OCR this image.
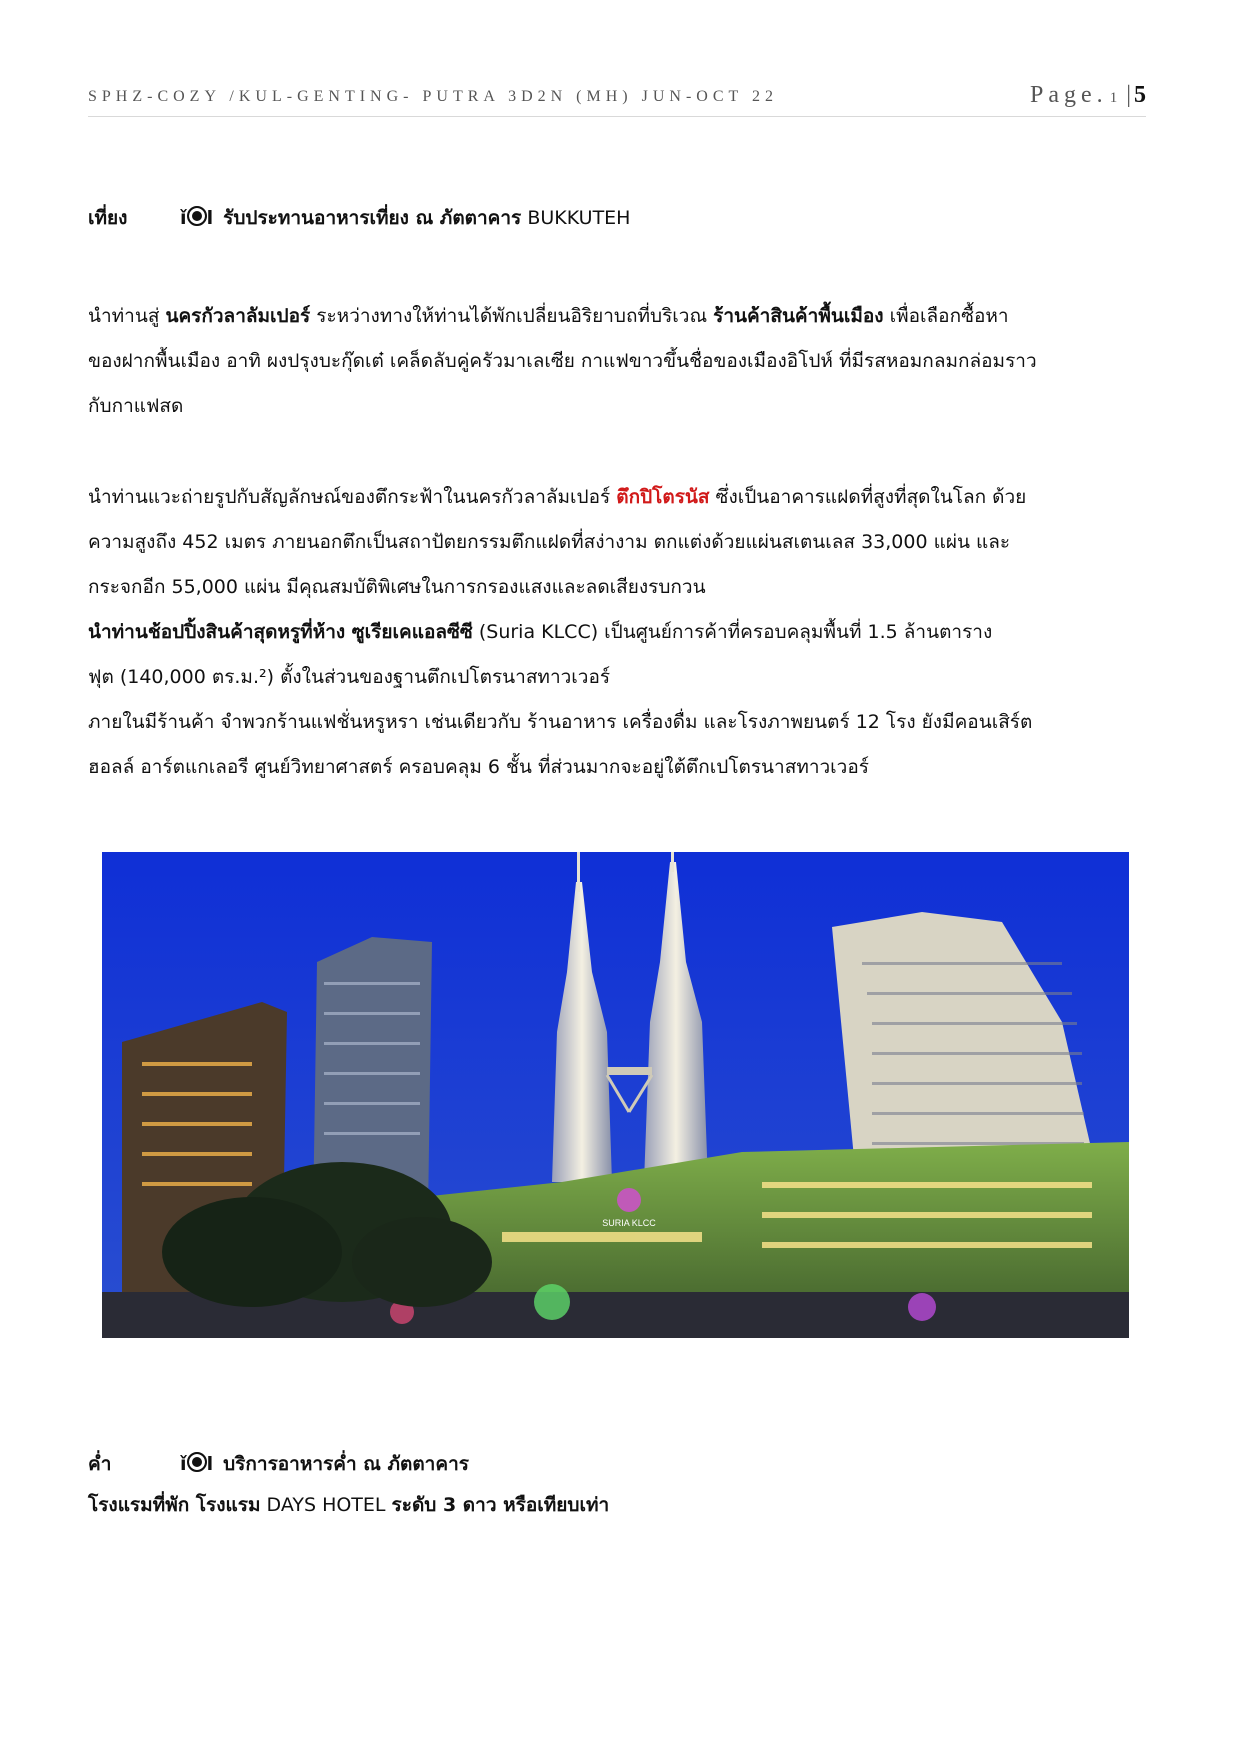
SPHZ-COZY /KUL-GENTING- PUTRA 3D2N (MH) JUN-OCT 22	Page. 1 | 5
เที่ยง	ǐ l รับประทานอาหารเที่ยง ณ ภัตตาคาร BUKKUTEH
นำท่านสู่ นครกัวลาลัมเปอร์ ระหว่างทางให้ท่านได้พักเปลี่ยนอิริยาบถที่บริเวณ ร้านค้าสินค้าพื้นเมือง เพื่อเลือกซื้อหา
ของฝากพื้นเมือง อาทิ ผงปรุงบะกุ๊ดเต๋ เคล็ดลับคู่ครัวมาเลเซีย กาแฟขาวขึ้นชื่อของเมืองอิโปห์ ที่มีรสหอมกลมกล่อมราว
กับกาแฟสด
นำท่านแวะถ่ายรูปกับสัญลักษณ์ของตึกระฟ้าในนครกัวลาลัมเปอร์ ตึกปิโตรนัส ซึ่งเป็นอาคารแฝดที่สูงที่สุดในโลก ด้วย
ความสูงถึง 452 เมตร ภายนอกตึกเป็นสถาปัตยกรรมตึกแฝดที่สง่างาม ตกแต่งด้วยแผ่นสเตนเลส 33,000 แผ่น และ
กระจกอีก 55,000 แผ่น มีคุณสมบัติพิเศษในการกรองแสงและลดเสียงรบกวน
นำท่านช้อปปิ้งสินค้าสุดหรูที่ห้าง ซูเรียเคแอลซีซี (Suria KLCC) เป็นศูนย์การค้าที่ครอบคลุมพื้นที่ 1.5 ล้านตาราง
ฟุต (140,000 ตร.ม.²) ตั้งในส่วนของฐานตึกเปโตรนาสทาวเวอร์
ภายในมีร้านค้า จำพวกร้านแฟชั่นหรูหรา เช่นเดียวกับ ร้านอาหาร เครื่องดื่ม และโรงภาพยนตร์ 12 โรง ยังมีคอนเสิร์ต
ฮอลล์ อาร์ตแกเลอรี ศูนย์วิทยาศาสตร์ ครอบคลุม 6 ชั้น ที่ส่วนมากจะอยู่ใต้ตึกเปโตรนาสทาวเวอร์
SURIA KLCC
ค่ำ	ǐ l บริการอาหารค่ำ ณ ภัตตาคาร
โรงแรมที่พัก โรงแรม DAYS HOTEL ระดับ 3 ดาว หรือเทียบเท่า
